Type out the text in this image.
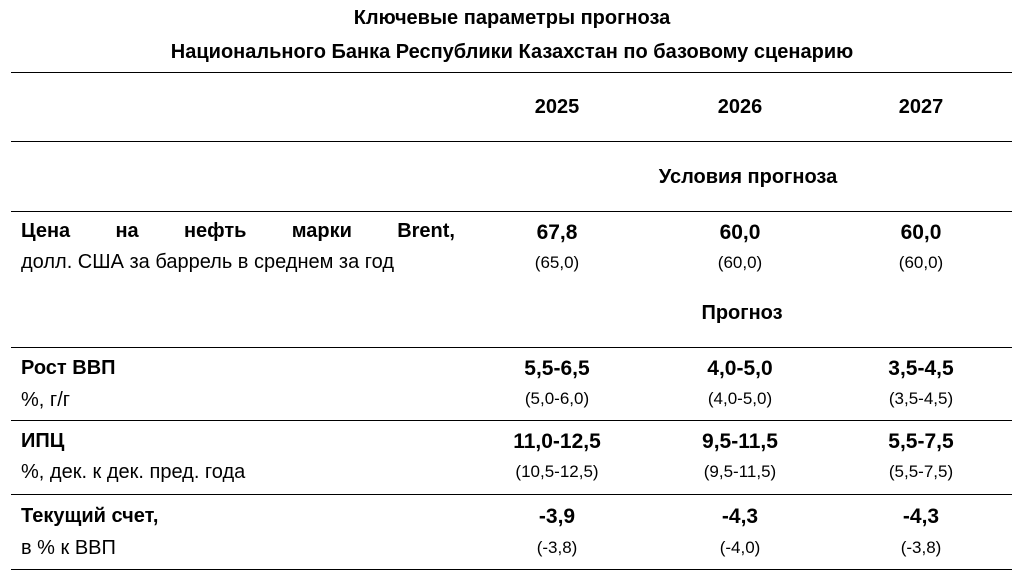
Ключевые параметры прогноза
Национального Банка Республики Казахстан по базовому сценарию
2025	2026	2027
Условия прогноза
Цена на нефть марки Brent,
долл. США за баррель в среднем за год
67,8	60,0	60,0
(65,0)	(60,0)	(60,0)
Прогноз
Рост ВВП
%, г/г
5,5-6,5	4,0-5,0	3,5-4,5
(5,0-6,0)	(4,0-5,0)	(3,5-4,5)
ИПЦ
%, дек. к дек. пред. года
11,0-12,5	9,5-11,5	5,5-7,5
(10,5-12,5)	(9,5-11,5)	(5,5-7,5)
Текущий счет,
в % к ВВП
-3,9	-4,3	-4,3
(-3,8)	(-4,0)	(-3,8)
